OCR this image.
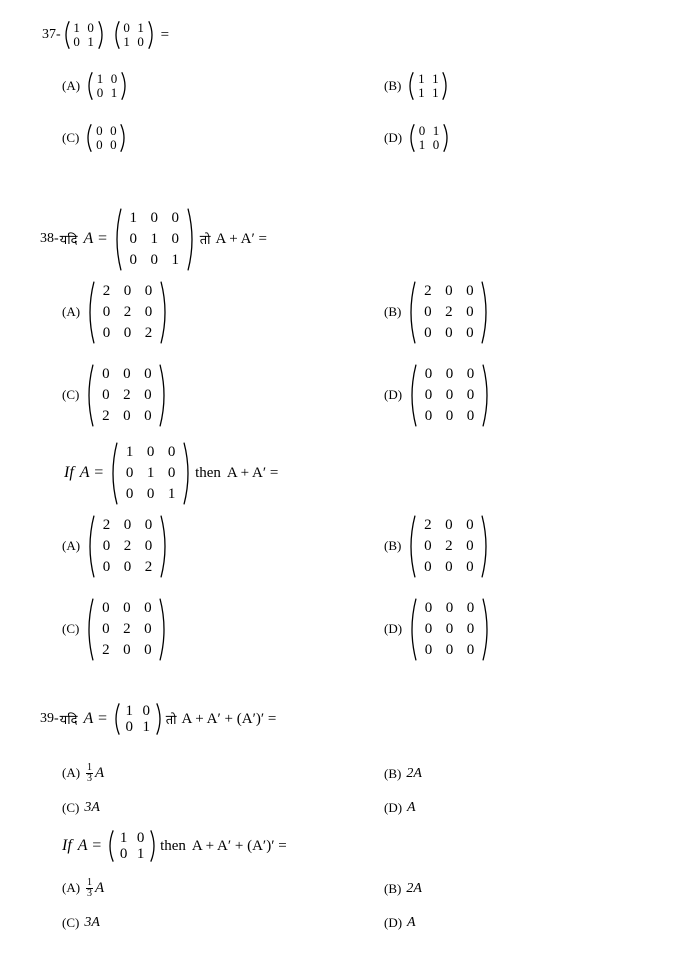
37- 1 0
0 1
0 1
1 0 =
(A) 1 0
0 1	(B) 1 1
1 1
(C) 0 0
0 0	(D) 0 1
1 0
38- यदि A =
1 0 0
0 1 0
0 0 1
तो A + A′ =
(A)
2 0 0
0 2 0
0 0 2
(B)
2 0 0
0 2 0
0 0 0
(C)
0 0 0
0 2 0
2 0 0
(D)
0 0 0
0 0 0
0 0 0
If A =
1 0 0
0 1 0
0 0 1
then A + A′ =
(A)
2 0 0
0 2 0
0 0 2
(B)
2 0 0
0 2 0
0 0 0
(C)
0 0 0
0 2 0
2 0 0
(D)
0 0 0
0 0 0
0 0 0
39- यदि A =	1 0
0 1	तो A + A′ + (A′)′ =
$(A) \frac{1}{3}$ A	(B) 2A
(C) 3A	(D) A
If A =	1 0
0 1
then A + A′ + (A′)′ =
$(A) \frac{1}{3}$ A	(B) 2A
(C) 3A	(D) A
